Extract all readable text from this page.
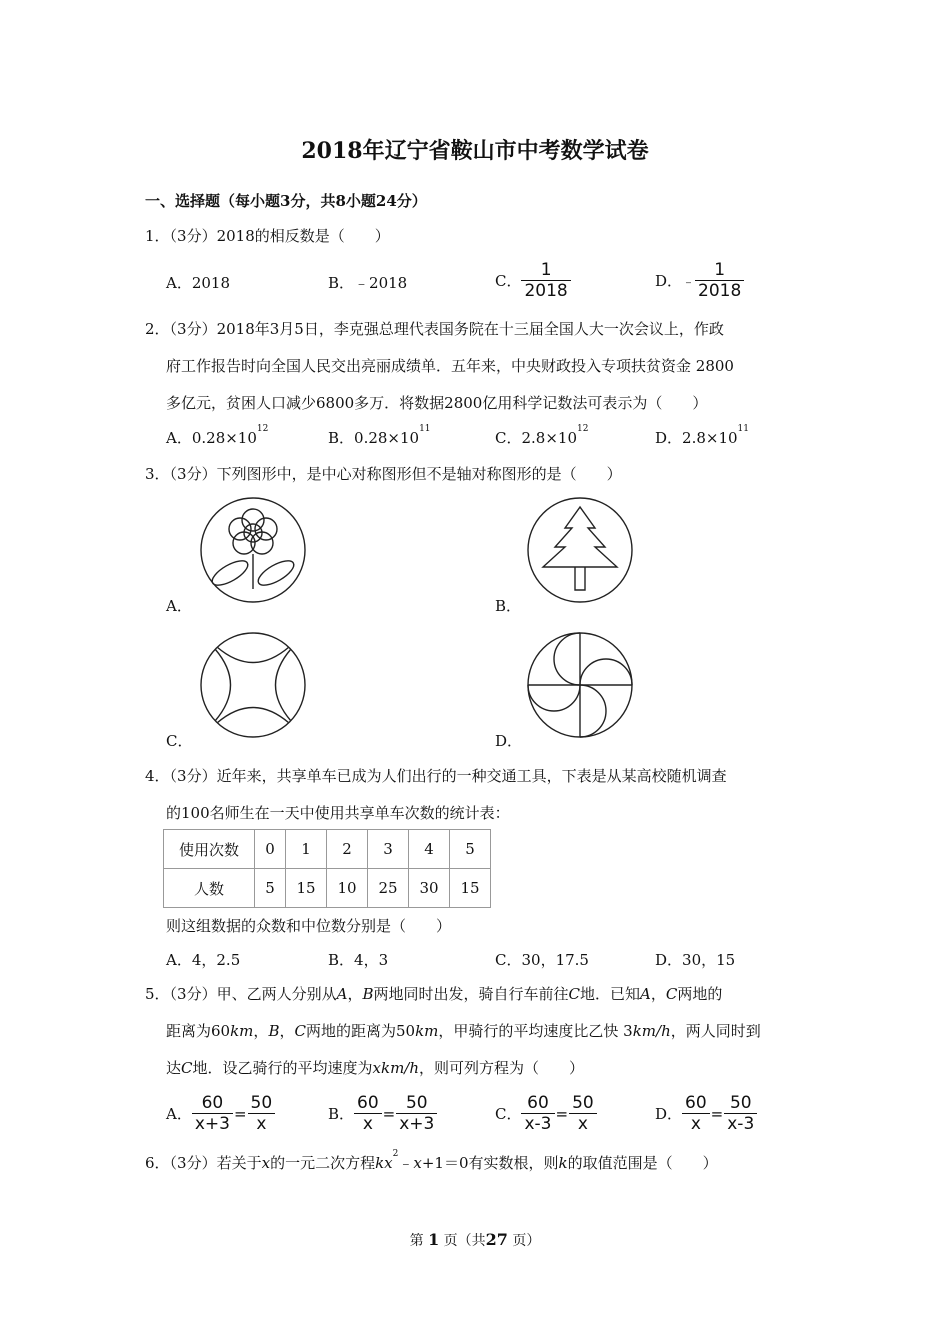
2018年辽宁省鞍山市中考数学试卷
一、选择题（每小题3分，共8小题24分）
1．（3分）2018的相反数是（　　）
A．2018	B．﹣2018	C． $\frac{1}{2018}$	D． ﹣ $\frac{1}{2018}$
2．（3分）2018年3月5日，李克强总理代表国务院在十三届全国人大一次会议上，作政
府工作报告时向全国人民交出亮丽成绩单．五年来，中央财政投入专项扶贫资金 2800
多亿元，贫困人口减少6800多万．将数据2800亿用科学记数法可表示为（　　）
A．$0.28\times 10^{12}$	B．$0.28\times 10^{11}$	C．$2.8\times 10^{12}$	D．$2.8\times 10^{11}$
3．（3分）下列图形中，是中心对称图形但不是轴对称图形的是（　　）
A．	B．
C．	D．
4．（3分）近年来，共享单车已成为人们出行的一种交通工具，下表是从某高校随机调查
的100名师生在一天中使用共享单车次数的统计表：
使用次数	0	1	2	3	4	5
人数	5	15	10	25	30	15
则这组数据的众数和中位数分别是（　　）
A．4，2.5	B．4，3	C．30，17.5	D．30，15
5．（3分）甲、乙两人分别从A，B两地同时出发，骑自行车前往C地．已知A，C两地的
距离为60km，B，C两地的距离为50km，甲骑行的平均速度比乙快 3km/h，两人同时到
达C地．设乙骑行的平均速度为xkm/h，则可列方程为（　　）
A． $\frac{60}{x+3} = \frac{50}{x}$	B． $\frac{60}{x} = \frac{50}{x+3}$	C． $\frac{60}{x-3} = \frac{50}{x}$	D． $\frac{60}{x} = \frac{50}{x-3}$
6．（3分）若关于x的一元二次方程$kx^2﹣x+1=0$有实数根，则k的取值范围是（　　）
第 1 页（共27 页）
